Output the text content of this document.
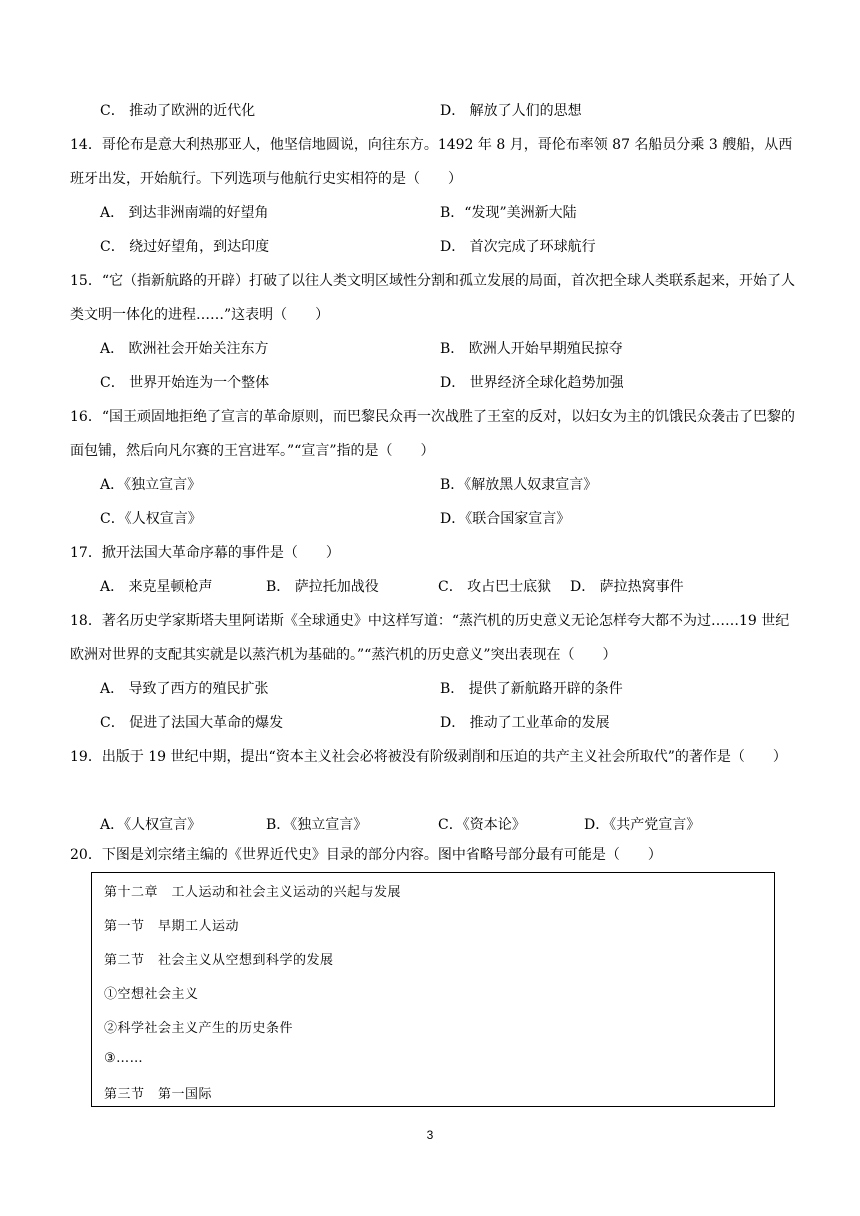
C． 推动了欧洲的近代化	D． 解放了人们的思想
14．哥伦布是意大利热那亚人，他坚信地圆说，向往东方。1492 年 8 月，哥伦布率领 87 名船员分乘 3 艘船，从西班牙出发，开始航行。下列选项与他航行史实相符的是（　　）
A． 到达非洲南端的好望角	B．“发现”美洲新大陆
C． 绕过好望角，到达印度	D． 首次完成了环球航行
15．“它（指新航路的开辟）打破了以往人类文明区域性分割和孤立发展的局面，首次把全球人类联系起来，开始了人类文明一体化的进程……”这表明（　　）
A． 欧洲社会开始关注东方	B． 欧洲人开始早期殖民掠夺
C． 世界开始连为一个整体	D． 世界经济全球化趋势加强
16．“国王顽固地拒绝了宣言的革命原则，而巴黎民众再一次战胜了王室的反对，以妇女为主的饥饿民众袭击了巴黎的面包铺，然后向凡尔赛的王宫进军。”“宣言”指的是（　　）
A．《独立宣言》	B．《解放黑人奴隶宣言》
C．《人权宣言》	D．《联合国家宣言》
17．掀开法国大革命序幕的事件是（　　）
A． 来克星顿枪声	B． 萨拉托加战役	C． 攻占巴士底狱 D． 萨拉热窝事件
18．著名历史学家斯塔夫里阿诺斯《全球通史》中这样写道：“蒸汽机的历史意义无论怎样夸大都不为过……19 世纪欧洲对世界的支配其实就是以蒸汽机为基础的。”“蒸汽机的历史意义”突出表现在（　　）
A． 导致了西方的殖民扩张	B． 提供了新航路开辟的条件
C． 促进了法国大革命的爆发	D． 推动了工业革命的发展
19．出版于 19 世纪中期，提出“资本主义社会必将被没有阶级剥削和压迫的共产主义社会所取代”的著作是（　　）
A．《人权宣言》	B．《独立宣言》	C．《资本论》	D．《共产党宣言》
20．下图是刘宗绪主编的《世界近代史》目录的部分内容。图中省略号部分最有可能是（　　）
第十二章　工人运动和社会主义运动的兴起与发展
第一节　早期工人运动
第二节　社会主义从空想到科学的发展
①空想社会主义
②科学社会主义产生的历史条件
③……
第三节　第一国际
3
